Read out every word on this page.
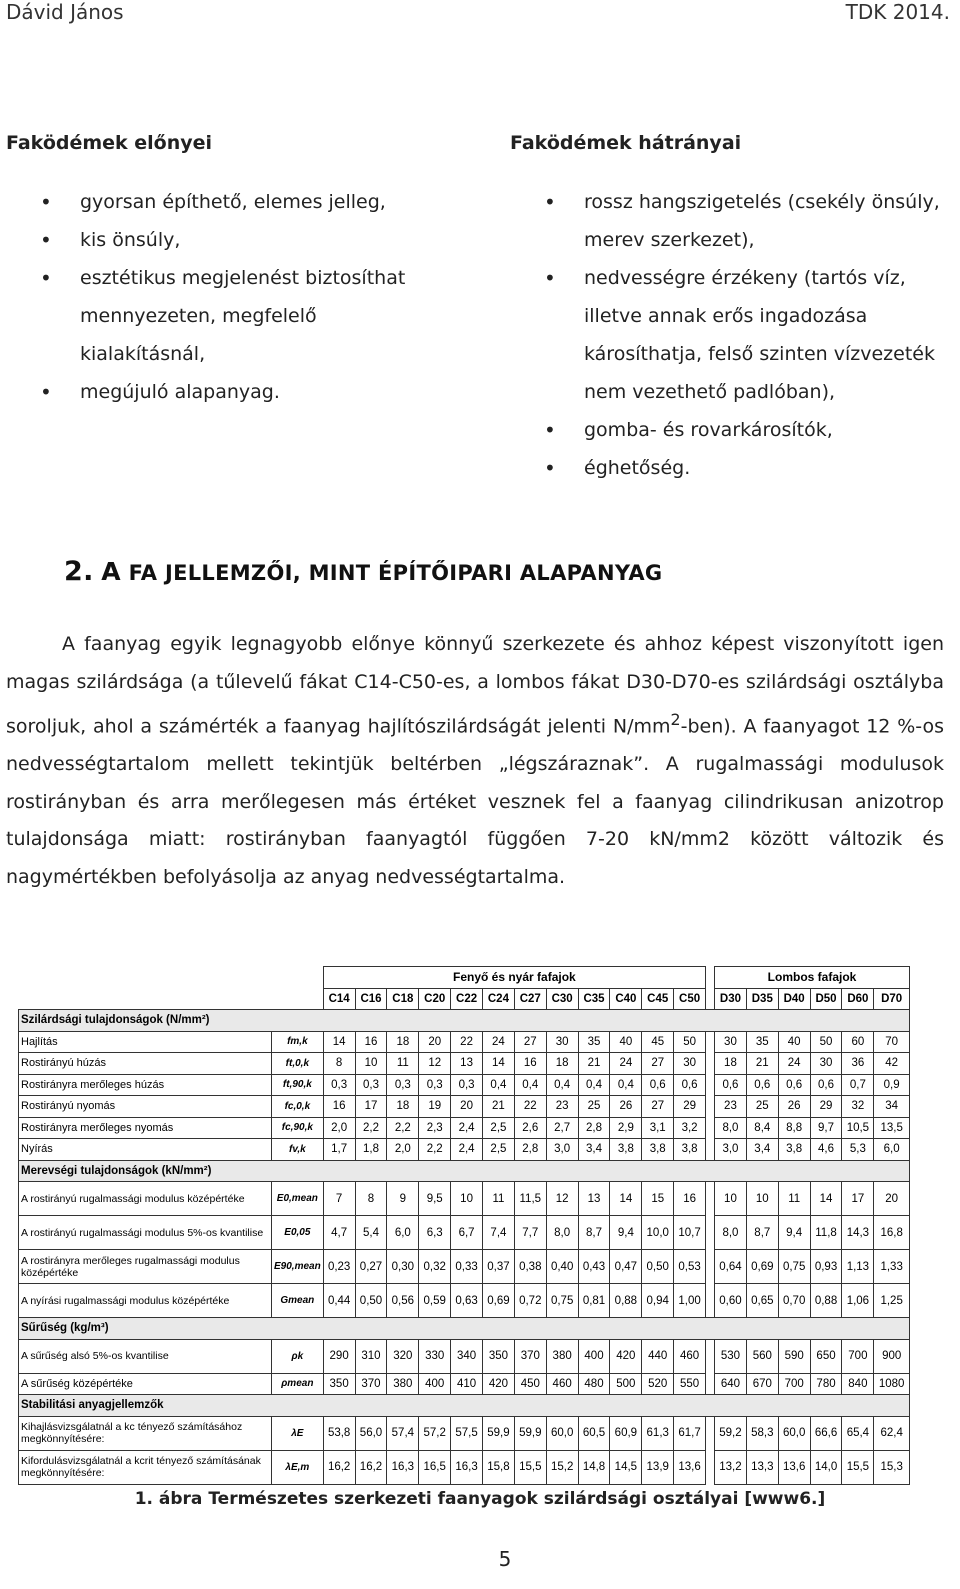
Dávid János	TDK 2014.
Faködémek előnyei	Faködémek hátrányai
• gyorsan építhető, elemes jelleg,
• kis önsúly,
• esztétikus megjelenést biztosíthat mennyezeten, megfelelő kialakításnál,
• megújuló alapanyag.
• rossz hangszigetelés (csekély önsúly, merev szerkezet),
• nedvességre érzékeny (tartós víz, illetve annak erős ingadozása károsíthatja, felső szinten vízvezeték nem vezethető padlóban),
• gomba- és rovarkárosítók,
• éghetőség.
2. A FA JELLEMZŐI, MINT ÉPÍTŐIPARI ALAPANYAG

A faanyag egyik legnagyobb előnye könnyű szerkezete és ahhoz képest viszonyított igen magas szilárdsága (a tűlevelű fákat C14-C50-es, a lombos fákat D30-D70-es szilárdsági osztályba soroljuk, ahol a számérték a faanyag hajlítószilárdságát jelenti $N/mm^2-ben$). A faanyagot 12 %-os nedvességtartalom mellett tekintjük beltérben „légszáraznak”. A rugalmassági modulusok rostirányban és arra merőlegesen más értéket vesznek fel a faanyag cilindrikusan anizotrop tulajdonsága miatt: rostirányban faanyagtól függően 7-20 kN/mm2 között változik és nagymértékben befolyásolja az anyag nedvességtartalma.

		Fenyő és nyár fafajok													Lombos fafajok					
		C14	C16	C18	C20	C22	C24	C27	C30	C35	C40	C45	C50		D30	D35	D40	D50	D60	D70
Szilárdsági tulajdonságok (N/mm²)																				
Hajlítás	fm,k	14	16	18	20	22	24	27	30	35	40	45	50		30	35	40	50	60	70
Rostirányú húzás	ft,0,k	8	10	11	12	13	14	16	18	21	24	27	30		18	21	24	30	36	42
Rostirányra merőleges húzás	ft,90,k	0,3	0,3	0,3	0,3	0,3	0,4	0,4	0,4	0,4	0,4	0,6	0,6		0,6	0,6	0,6	0,6	0,7	0,9
Rostirányú nyomás	fc,0,k	16	17	18	19	20	21	22	23	25	26	27	29		23	25	26	29	32	34
Rostirányra merőleges nyomás	fc,90,k	2,0	2,2	2,2	2,3	2,4	2,5	2,6	2,7	2,8	2,9	3,1	3,2		8,0	8,4	8,8	9,7	10,5	13,5
Nyírás	fv,k	1,7	1,8	2,0	2,2	2,4	2,5	2,8	3,0	3,4	3,8	3,8	3,8		3,0	3,4	3,8	4,6	5,3	6,0
Merevségi tulajdonságok (kN/mm²)																				
A rostirányú rugalmassági modulus középértéke	E0,mean	7	8	9	9,5	10	11	11,5	12	13	14	15	16		10	10	11	14	17	20
A rostirányú rugalmassági modulus 5%-os kvantilise	E0,05	4,7	5,4	6,0	6,3	6,7	7,4	7,7	8,0	8,7	9,4	10,0	10,7		8,0	8,7	9,4	11,8	14,3	16,8
A rostirányra merőleges rugalmassági modulus középértéke	E90,mean	0,23	0,27	0,30	0,32	0,33	0,37	0,38	0,40	0,43	0,47	0,50	0,53		0,64	0,69	0,75	0,93	1,13	1,33
A nyírási rugalmassági modulus középértéke	Gmean	0,44	0,50	0,56	0,59	0,63	0,69	0,72	0,75	0,81	0,88	0,94	1,00		0,60	0,65	0,70	0,88	1,06	1,25
Sűrűség (kg/m³)																				
A sűrűség alsó 5%-os kvantilise	ρk	290	310	320	330	340	350	370	380	400	420	440	460		530	560	590	650	700	900
A sűrűség középértéke	ρmean	350	370	380	400	410	420	450	460	480	500	520	550		640	670	700	780	840	1080
Stabilitási anyagjellemzők																				
Kihajlásvizsgálatnál a kc tényező számításához megkönnyítésére:	λE	53,8	56,0	57,4	57,2	57,5	59,9	59,9	60,0	60,5	60,9	61,3	61,7		59,2	58,3	60,0	66,6	65,4	62,4
Kifordulásvizsgálatnál a kcrit tényező számításának megkönnyítésére:	λE,m	16,2	16,2	16,3	16,5	16,3	15,8	15,5	15,2	14,8	14,5	13,9	13,6		13,2	13,3	13,6	14,0	15,5	15,3
1. ábra Természetes szerkezeti faanyagok szilárdsági osztályai [www6.]
5
